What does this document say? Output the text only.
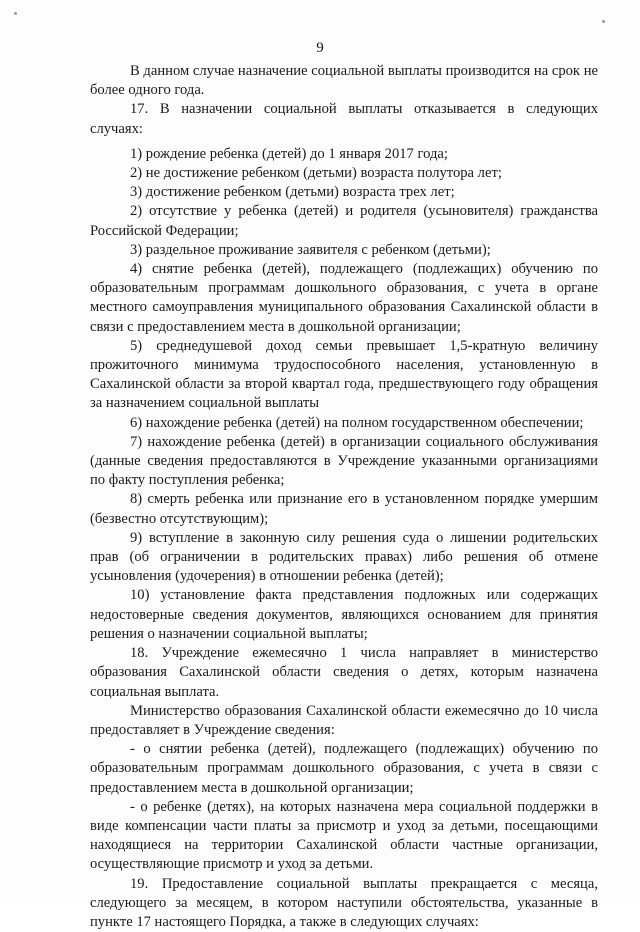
9

В данном случае назначение социальной выплаты производится на срок не более одного года.

17. В назначении социальной выплаты отказывается в следующих случаях:

1) рождение ребенка (детей) до 1 января 2017 года;

2) не достижение ребенком (детьми) возраста полутора лет;

3) достижение ребенком (детьми) возраста трех лет;

2) отсутствие у ребенка (детей) и родителя (усыновителя) гражданства Российской Федерации;

3) раздельное проживание заявителя с ребенком (детьми);

4) снятие ребенка (детей), подлежащего (подлежащих) обучению по образовательным программам дошкольного образования, с учета в органе местного самоуправления муниципального образования Сахалинской области в связи с предоставлением места в дошкольной организации;

5) среднедушевой доход семьи превышает 1,5-кратную величину прожиточного минимума трудоспособного населения, установленную в Сахалинской области за второй квартал года, предшествующего году обращения за назначением социальной выплаты

6) нахождение ребенка (детей) на полном государственном обеспечении;

7) нахождение ребенка (детей) в организации социального обслуживания (данные сведения предоставляются в Учреждение указанными организациями по факту поступления ребенка;

8) смерть ребенка или признание его в установленном порядке умершим (безвестно отсутствующим);

9) вступление в законную силу решения суда о лишении родительских прав (об ограничении в родительских правах) либо решения об отмене усыновления (удочерения) в отношении ребенка (детей);

10) установление факта представления подложных или содержащих недостоверные сведения документов, являющихся основанием для принятия решения о назначении социальной выплаты;

18. Учреждение ежемесячно 1 числа направляет в министерство образования Сахалинской области сведения о детях, которым назначена социальная выплата.

Министерство образования Сахалинской области ежемесячно до 10 числа предоставляет в Учреждение сведения:

- о снятии ребенка (детей), подлежащего (подлежащих) обучению по образовательным программам дошкольного образования, с учета в связи с предоставлением места в дошкольной организации;

- о ребенке (детях), на которых назначена мера социальной поддержки в виде компенсации части платы за присмотр и уход за детьми, посещающими находящиеся на территории Сахалинской области частные организации, осуществляющие присмотр и уход за детьми.

19. Предоставление социальной выплаты прекращается с месяца, следующего за месяцем, в котором наступили обстоятельства, указанные в пункте 17 настоящего Порядка, а также в следующих случаях:
